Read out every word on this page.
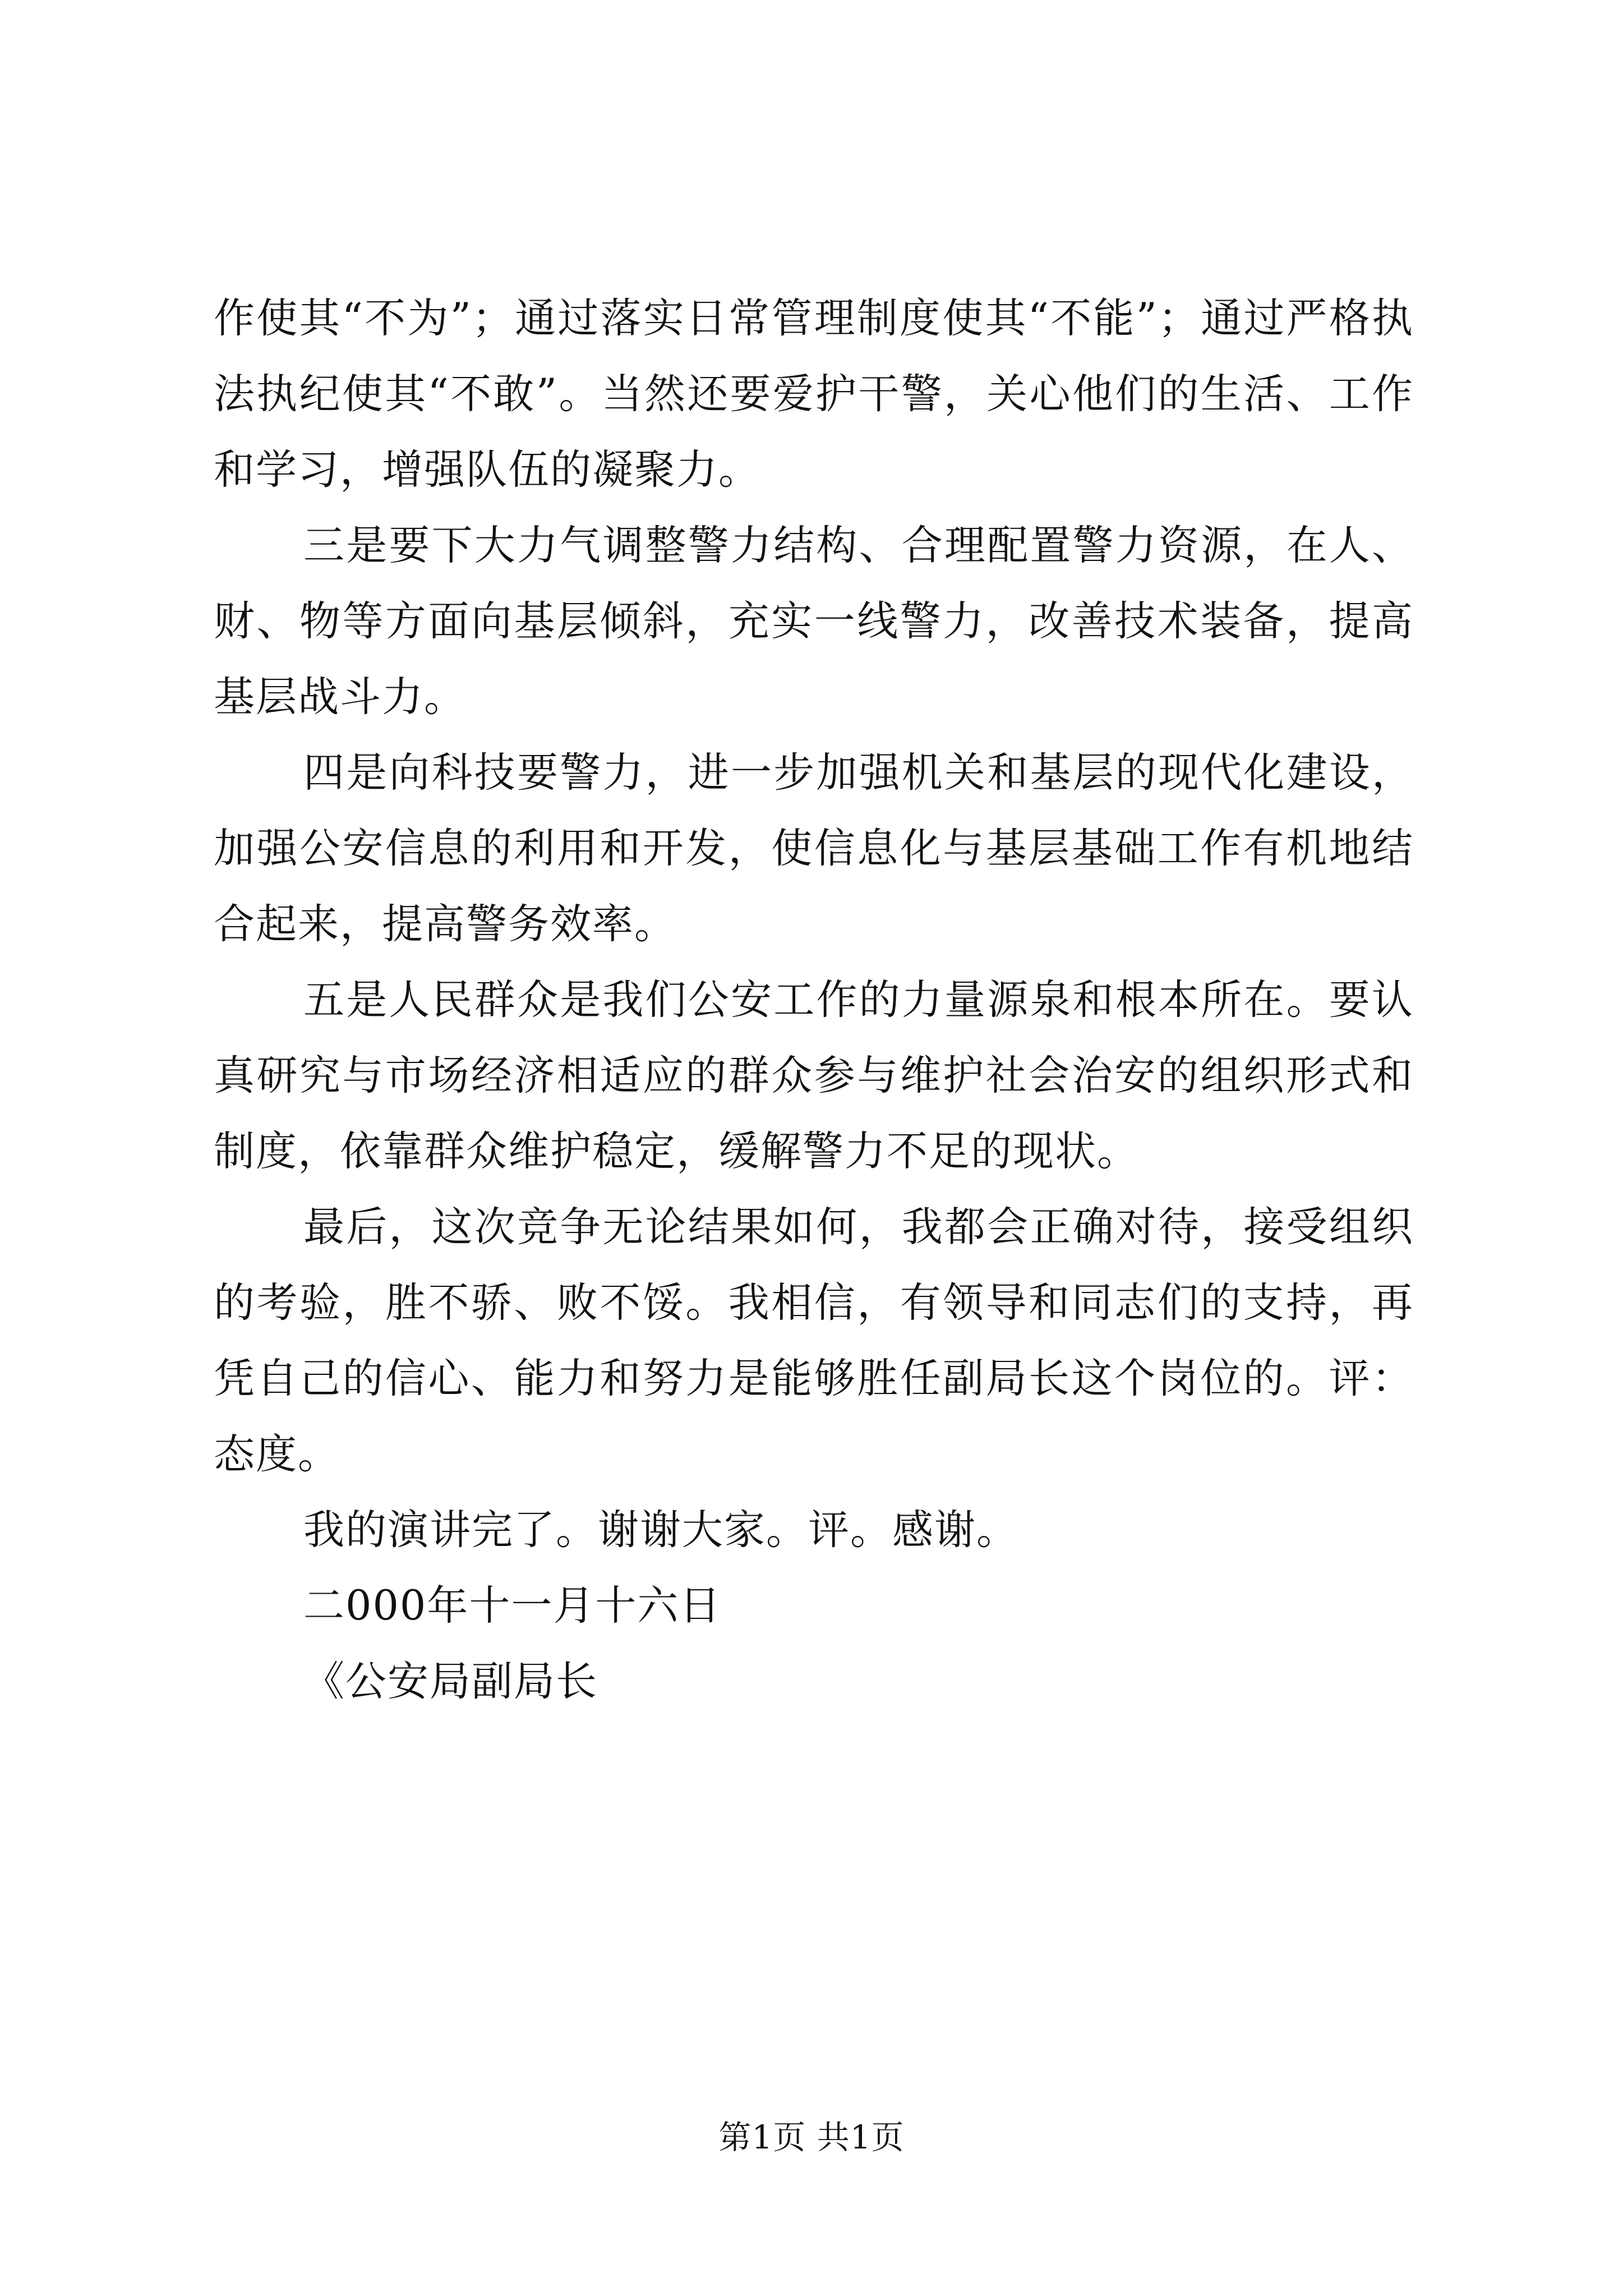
作使其“不为”；通过落实日常管理制度使其“不能”；通过严格执法执纪使其“不敢”。当然还要爱护干警，关心他们的生活、工作和学习，增强队伍的凝聚力。

三是要下大力气调整警力结构、合理配置警力资源，在人、财、物等方面向基层倾斜，充实一线警力，改善技术装备，提高基层战斗力。

四是向科技要警力，进一步加强机关和基层的现代化建设，加强公安信息的利用和开发，使信息化与基层基础工作有机地结合起来，提高警务效率。

五是人民群众是我们公安工作的力量源泉和根本所在。要认真研究与市场经济相适应的群众参与维护社会治安的组织形式和制度，依靠群众维护稳定，缓解警力不足的现状。

最后，这次竞争无论结果如何，我都会正确对待，接受组织的考验，胜不骄、败不馁。我相信，有领导和同志们的支持，再凭自己的信心、能力和努力是能够胜任副局长这个岗位的。评：态度。

我的演讲完了。谢谢大家。评。感谢。

二000年十一月十六日

《公安局副局长

第1页 共1页
